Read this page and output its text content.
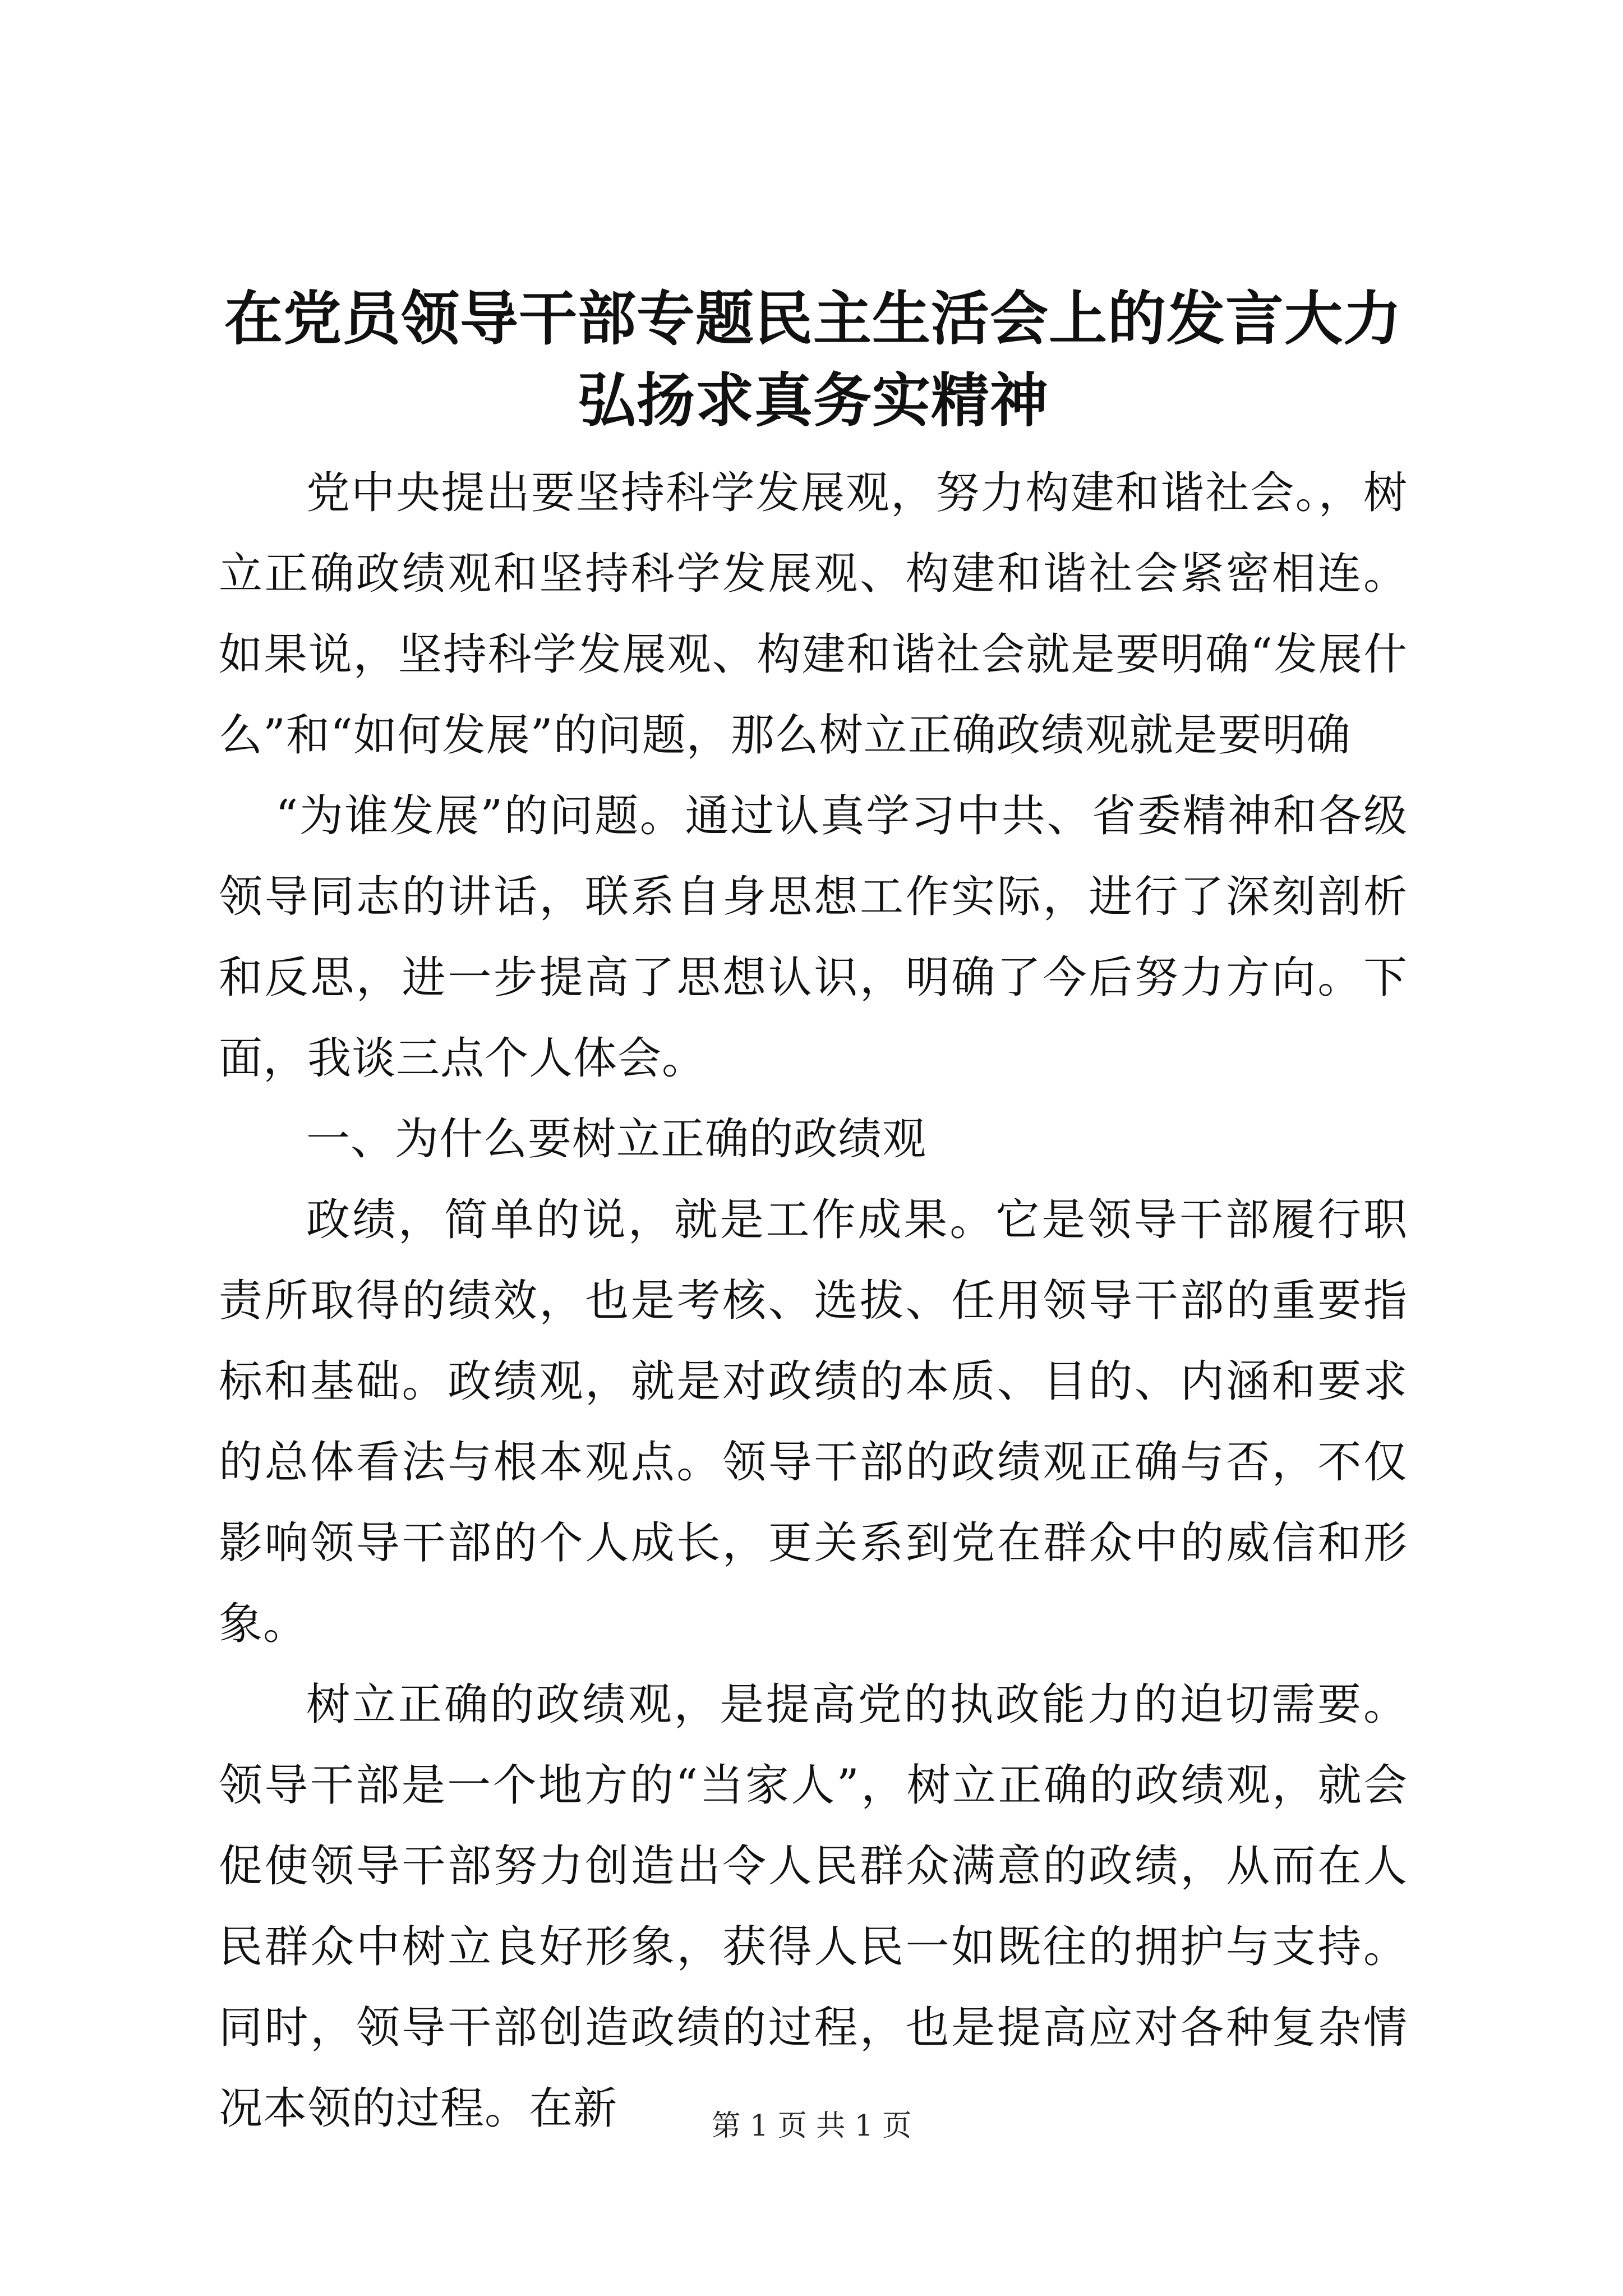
在党员领导干部专题民主生活会上的发言大力
弘扬求真务实精神

党中央提出要坚持科学发展观，努力构建和谐社会。，树立正确政绩观和坚持科学发展观、构建和谐社会紧密相连。如果说，坚持科学发展观、构建和谐社会就是要明确“发展什么”和“如何发展”的问题，那么树立正确政绩观就是要明确

“为谁发展”的问题。通过认真学习中共、省委精神和各级领导同志的讲话，联系自身思想工作实际，进行了深刻剖析和反思，进一步提高了思想认识，明确了今后努力方向。下面，我谈三点个人体会。

一、为什么要树立正确的政绩观

政绩，简单的说，就是工作成果。它是领导干部履行职责所取得的绩效，也是考核、选拔、任用领导干部的重要指标和基础。政绩观，就是对政绩的本质、目的、内涵和要求的总体看法与根本观点。领导干部的政绩观正确与否，不仅影响领导干部的个人成长，更关系到党在群众中的威信和形象。

树立正确的政绩观，是提高党的执政能力的迫切需要。领导干部是一个地方的“当家人”，树立正确的政绩观，就会促使领导干部努力创造出令人民群众满意的政绩，从而在人民群众中树立良好形象，获得人民一如既往的拥护与支持。同时，领导干部创造政绩的过程，也是提高应对各种复杂情况本领的过程。在新	第 1 页 共 1 页
